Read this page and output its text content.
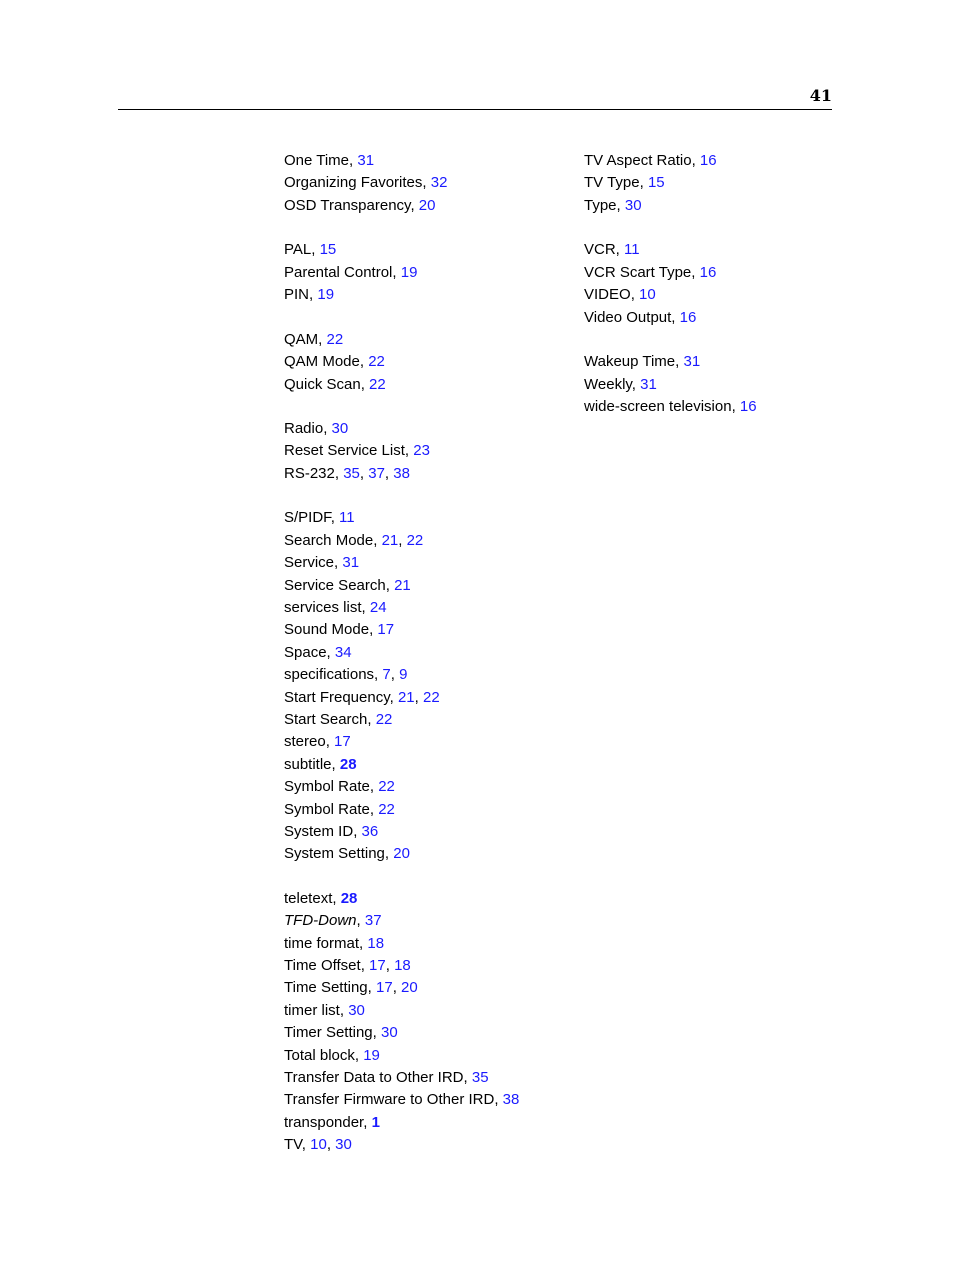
41
One Time, 31
Organizing Favorites, 32
OSD Transparency, 20
PAL, 15
Parental Control, 19
PIN, 19
QAM, 22
QAM Mode, 22
Quick Scan, 22
Radio, 30
Reset Service List, 23
RS-232, 35, 37, 38
S/PIDF, 11
Search Mode, 21, 22
Service, 31
Service Search, 21
services list, 24
Sound Mode, 17
Space, 34
specifications, 7, 9
Start Frequency, 21, 22
Start Search, 22
stereo, 17
subtitle, 28
Symbol Rate, 22
Symbol Rate, 22
System ID, 36
System Setting, 20
teletext, 28
TFD-Down, 37
time format, 18
Time Offset, 17, 18
Time Setting, 17, 20
timer list, 30
Timer Setting, 30
Total block, 19
Transfer Data to Other IRD, 35
Transfer Firmware to Other IRD, 38
transponder, 1
TV, 10, 30
TV Aspect Ratio, 16
TV Type, 15
Type, 30
VCR, 11
VCR Scart Type, 16
VIDEO, 10
Video Output, 16
Wakeup Time, 31
Weekly, 31
wide-screen television, 16
